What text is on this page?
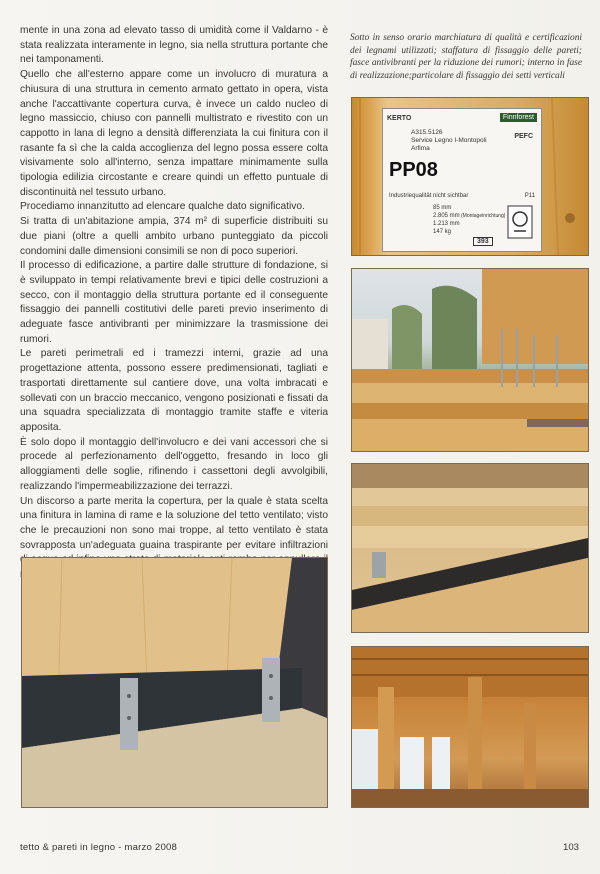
mente in una zona ad elevato tasso di umidità come il Valdarno - è stata realizzata interamente in legno, sia nella struttura portante che nei tamponamenti.

Quello che all'esterno appare come un involucro di muratura a chiusura di una struttura in cemento armato gettato in opera, vista anche l'accattivante copertura curva, è invece un caldo nucleo di legno massiccio, chiuso con pannelli multistrato e rivestito con un cappotto in lana di legno a densità differenziata la cui finitura con il rasante fa sì che la calda accoglienza del legno possa essere colta visivamente solo all'interno, senza impattare minimamente sulla tipologia edilizia circostante e creare quindi un effetto puntuale di discontinuità nel tessuto urbano.

Procediamo innanzitutto ad elencare qualche dato significativo.

Si tratta di un'abitazione ampia, 374 m² di superficie distribuiti su due piani (oltre a quelli ambito urbano punteggiato da piccoli condomini dalle dimensioni consimili se non di poco superiori.

Il processo di edificazione, a partire dalle strutture di fondazione, si è sviluppato in tempi relativamente brevi e tipici delle costruzioni a secco, con il montaggio della struttura portante ed il conseguente fissaggio dei pannelli costitutivi delle pareti previo inserimento di adeguate fasce antivibranti per minimizzare la trasmissione dei rumori.

Le pareti perimetrali ed i tramezzi interni, grazie ad una progettazione attenta, possono essere predimensionati, tagliati e trasportati direttamente sul cantiere dove, una volta imbracati e sollevati con un braccio meccanico, vengono posizionati e fissati da una squadra specializzata di montaggio tramite staffe e viteria apposita.

È solo dopo il montaggio dell'involucro e dei vani accessori che si procede al perfezionamento dell'oggetto, fresando in loco gli alloggiamenti delle soglie, rifinendo i cassettoni degli avvolgibili, realizzando l'impermeabilizzazione dei terrazzi.

Un discorso a parte merita la copertura, per la quale è stata scelta una finitura in lamina di rame e la soluzione del tetto ventilato; visto che le precauzioni non sono mai troppe, al tetto ventilato è stata sovrapposta un'adeguata guaina traspirante per evitare infiltrazioni

Sotto in senso orario marchiatura di qualità e certificazioni dei legnami utilizzati; staffatura di fissaggio delle pareti; fasce antivibranti per la riduzione dei rumori; interno in fase di realizzazione;particolare di fissaggio dei setti verticali
KERTO	Finnforest
A315.5126
Service Legno I-Montopoli
Arfima
PEFC
PP08
Industriequalität nicht sichtbar	P11
85 mm
2.805 mm (Montageinrichtung)
1.213 mm
147 kg
393
tetto & pareti in legno - marzo 2008	103
